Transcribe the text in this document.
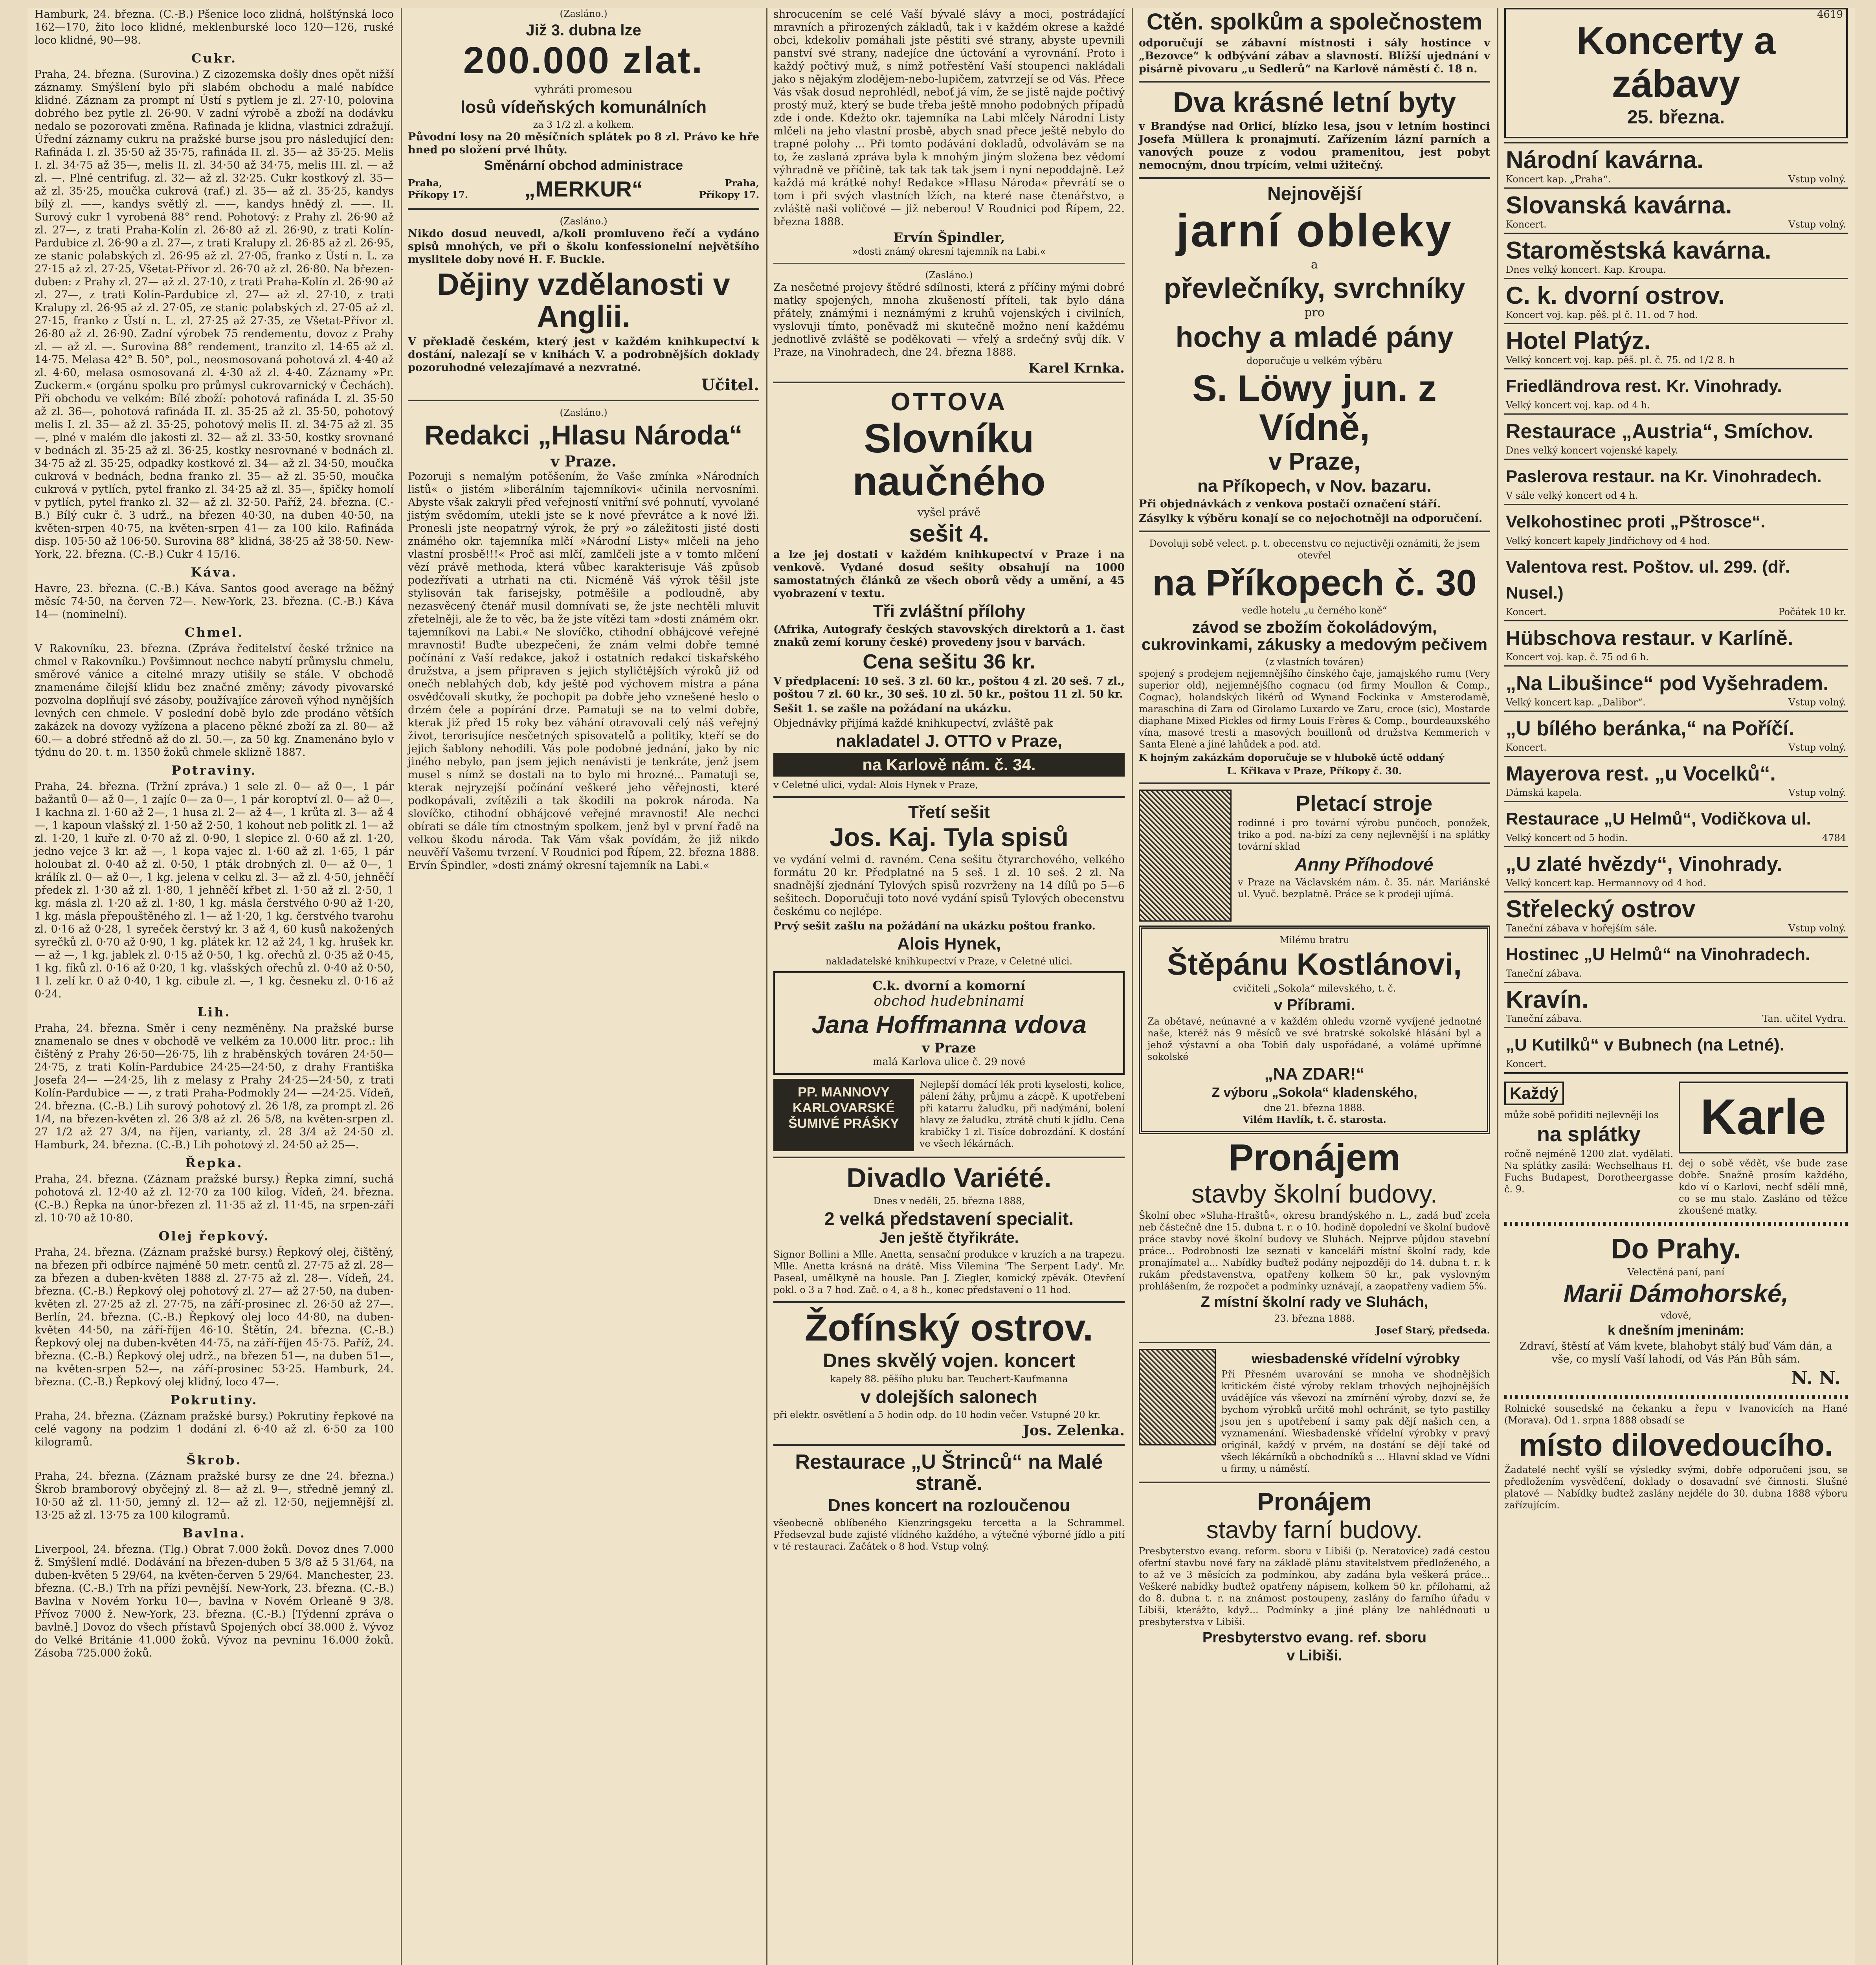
4619

Hamburk, 24. března. (C.-B.) Pšenice loco zlidná, holštýnská loco 162—170, žito loco klidné, meklenburské loco 120—126, ruské loco klidné, 90—98.

Cukr.

Praha, 24. března. (Surovina.) Z cizozemska došly dnes opět nižší záznamy. Smýšlení bylo při slabém obchodu a malé nabídce klidné. Záznam za prompt ní Ústí s pytlem je zl. 27·10, polovina dobrého bez pytle zl. 26·90. V zadní výrobě a zboží na dodávku nedalo se pozorovati změna. Rafinada je klidna, vlastnici zdražují. Úřední záznamy cukru na pražské burse jsou pro následující den: Rafináda I. zl. 35·50 až 35·75, rafináda II. zl. 35— až 35·25. Melis I. zl. 34·75 až 35—, melis II. zl. 34·50 až 34·75, melis III. zl. — až zl. —. Plné centrifug. zl. 32— až zl. 32·25. Cukr kostkový zl. 35— až zl. 35·25, moučka cukrová (raf.) zl. 35— až zl. 35·25, kandys bílý zl. ——, kandys světlý zl. ——, kandys hnědý zl. ——. II. Surový cukr 1 vyrobená 88° rend. Pohotový: z Prahy zl. 26·90 až zl. 27—, z trati Praha-Kolín zl. 26·80 až zl. 26·90, z trati Kolín-Pardubice zl. 26·90 a zl. 27—, z trati Kralupy zl. 26·85 až zl. 26·95, ze stanic polabských zl. 26·95 až zl. 27·05, franko z Ústí n. L. za 27·15 až zl. 27·25, Všetat-Přívor zl. 26·70 až zl. 26·80. Na březen-duben: z Prahy zl. 27— až zl. 27·10, z trati Praha-Kolín zl. 26·90 až zl. 27—, z trati Kolín-Pardubice zl. 27— až zl. 27·10, z trati Kralupy zl. 26·95 až zl. 27·05, ze stanic polabských zl. 27·05 až zl. 27·15, franko z Ústí n. L. zl. 27·25 až 27·35, ze Všetat-Přívor zl. 26·80 až zl. 26·90. Zadní výrobek 75 rendementu, dovoz z Prahy zl. — až zl. —. Surovina 88° rendement, tranzito zl. 14·65 až zl. 14·75. Melasa 42° B. 50°, pol., neosmosovaná pohotová zl. 4·40 až zl. 4·60, melasa osmosovaná zl. 4·30 až zl. 4·40. Záznamy »Pr. Zuckerm.« (orgánu spolku pro průmysl cukrovarnický v Čechách). Při obchodu ve velkém: Bílé zboží: pohotová rafináda I. zl. 35·50 až zl. 36—, pohotová rafináda II. zl. 35·25 až zl. 35·50, pohotový melis I. zl. 35— až zl. 35·25, pohotový melis II. zl. 34·75 až zl. 35—, plné v malém dle jakosti zl. 32— až zl. 33·50, kostky srovnané v bednách zl. 35·25 až zl. 36·25, kostky nesrovnané v bednách zl. 34·75 až zl. 35·25, odpadky kostkové zl. 34— až zl. 34·50, moučka cukrová v bednách, bedna franko zl. 35— až zl. 35·50, moučka cukrová v pytlích, pytel franko zl. 34·25 až zl. 35—, špičky homolí v pytlích, pytel franko zl. 32— až zl. 32·50. Paříž, 24. března. (C.-B.) Bílý cukr č. 3 udrž., na březen 40·30, na duben 40·50, na květen-srpen 40·75, na květen-srpen 41— za 100 kilo. Rafináda disp. 105·50 až 106·50. Surovina 88° klidná, 38·25 až 38·50. New-York, 22. března. (C.-B.) Cukr 4 15/16.

Káva.

Havre, 23. března. (C.-B.) Káva. Santos good average na běžný měsíc 74·50, na červen 72—. New-York, 23. března. (C.-B.) Káva 14— (nominelní).

Chmel.

V Rakovníku, 23. března. (Zpráva ředitelství české tržnice na chmel v Rakovníku.) Povšimnout nechce nabytí průmyslu chmelu, směrové vánice a citelné mrazy utišily se stále. V obchodě znamenáme čilejší klidu bez značné změny; závody pivovarské pozvolna doplňují své zásoby, používajíce zároveň výhod nynějších levných cen chmele. V poslední době bylo zde prodáno větších zakázek na dovozy vyžízena a placeno pěkné zboží za zl. 80— až 60.— a dobré středně až do zl. 50.—, za 50 kg. Znamenáno bylo v týdnu do 20. t. m. 1350 žoků chmele sklizně 1887.

Potraviny.

Praha, 24. března. (Tržní zpráva.) 1 sele zl. 0— až 0—, 1 pár bažantů 0— až 0—, 1 zajíc 0— za 0—, 1 pár koroptví zl. 0— až 0—, 1 kachna zl. 1·60 až 2—, 1 husa zl. 2— až 4—, 1 krůta zl. 3— až 4—, 1 kapoun vlašský zl. 1·50 až 2·50, 1 kohout neb politk zl. 1— až zl. 1·20, 1 kuře zl. 0·70 až zl. 0·90, 1 slepice zl. 0·60 až zl. 1·20, jedno vejce 3 kr. až —, 1 kopa vajec zl. 1·60 až zl. 1·65, 1 pár holoubat zl. 0·40 až zl. 0·50, 1 pták drobných zl. 0— až 0—, 1 králík zl. 0— až 0—, 1 kg. jelena v celku zl. 3— až zl. 4·50, jehněčí předek zl. 1·30 až zl. 1·80, 1 jehněčí křbet zl. 1·50 až zl. 2·50, 1 kg. másla zl. 1·20 až zl. 1·80, 1 kg. másla čerstvého 0·90 až 1·20, 1 kg. másla přepouštěného zl. 1— až 1·20, 1 kg. čerstvého tvarohu zl. 0·16 až 0·28, 1 syreček čerstvý kr. 3 až 4, 60 kusů nakožených syrečků zl. 0·70 až 0·90, 1 kg. plátek kr. 12 až 24, 1 kg. hrušek kr. — až —, 1 kg. jablek zl. 0·15 až 0·50, 1 kg. ořechů zl. 0·35 až 0·45, 1 kg. fíků zl. 0·16 až 0·20, 1 kg. vlašských ořechů zl. 0·40 až 0·50, 1 l. zelí kr. 0 až 0·40, 1 kg. cibule zl. —, 1 kg. česneku zl. 0·16 až 0·24.

Lih.

Praha, 24. března. Směr i ceny nezměněny. Na pražské burse znamenalo se dnes v obchodě ve velkém za 10.000 litr. proc.: lih čištěný z Prahy 26·50—26·75, lih z hraběnských továren 24·50—24·75, z trati Kolín-Pardubice 24·25—24·50, z drahy Františka Josefa 24— —24·25, lih z melasy z Prahy 24·25—24·50, z trati Kolín-Pardubice — —, z trati Praha-Podmokly 24— —24·25. Vídeň, 24. března. (C.-B.) Lih surový pohotový zl. 26 1/8, za prompt zl. 26 1/4, na březen-květen zl. 26 3/8 až zl. 26 5/8, na květen-srpen zl. 27 1/2 až 27 3/4, na říjen, varianty, zl. 28 3/4 až 24·50 zl. Hamburk, 24. března. (C.-B.) Lih pohotový zl. 24·50 až 25—.

Řepka.

Praha, 24. března. (Záznam pražské bursy.) Řepka zimní, suchá pohotová zl. 12·40 až zl. 12·70 za 100 kilog. Vídeň, 24. března. (C.-B.) Řepka na únor-březen zl. 11·35 až zl. 11·45, na srpen-září zl. 10·70 až 10·80.

Olej řepkový.

Praha, 24. března. (Záznam pražské bursy.) Řepkový olej, čištěný, na březen při odbírce najméně 50 metr. centů zl. 27·75 až zl. 28— za březen a duben-květen 1888 zl. 27·75 až zl. 28—. Vídeň, 24. března. (C.-B.) Řepkový olej pohotový zl. 27— až 27·50, na duben-květen zl. 27·25 až zl. 27·75, na září-prosinec zl. 26·50 až 27—. Berlín, 24. března. (C.-B.) Řepkový olej loco 44·80, na duben-květen 44·50, na září-říjen 46·10. Štětín, 24. března. (C.-B.) Řepkový olej na duben-květen 44·75, na září-říjen 45·75. Paříž, 24. března. (C.-B.) Řepkový olej udrž., na březen 51—, na duben 51—, na květen-srpen 52—, na září-prosinec 53·25. Hamburk, 24. března. (C.-B.) Řepkový olej klidný, loco 47—.

Pokrutiny.

Praha, 24. března. (Záznam pražské bursy.) Pokrutiny řepkové na celé vagony na podzim 1 dodání zl. 6·40 až zl. 6·50 za 100 kilogramů.

Škrob.

Praha, 24. března. (Záznam pražské bursy ze dne 24. března.) Škrob bramborový obyčejný zl. 8— až zl. 9—, středně jemný zl. 10·50 až zl. 11·50, jemný zl. 12— až zl. 12·50, nejjemnější zl. 13·25 až zl. 13·75 za 100 kilogramů.

Bavlna.

Liverpool, 24. března. (Tlg.) Obrat 7.000 žoků. Dovoz dnes 7.000 ž. Smýšlení mdlé. Dodávání na březen-duben 5 3/8 až 5 31/64, na duben-květen 5 29/64, na květen-červen 5 29/64. Manchester, 23. března. (C.-B.) Trh na přízi pevnější. New-York, 23. března. (C.-B.) Bavlna v Novém Yorku 10—, bavlna v Novém Orleaně 9 3/8. Přívoz 7000 ž. New-York, 23. března. (C.-B.) [Týdenní zpráva o bavlně.] Dovoz do všech přístavů Spojených obcí 38.000 ž. Vývoz do Velké Británie 41.000 žoků. Vývoz na pevninu 16.000 žoků. Zásoba 725.000 žoků.

(Zasláno.)
Již 3. dubna lze
200.000 zlat.
vyhráti promesou
losů vídeňských komunálních
za 3 1/2 zl. a kolkem.

Původní losy na 20 měsíčních splátek po 8 zl. Právo ke hře hned po složení prvé lhůty.

Směnární obchod administrace
Praha, Příkopy 17.	„MERKUR“	Praha, Příkopy 17.
(Zasláno.)

Nikdo dosud neuvedl, a/koli promluveno řečí a vydáno spisů mnohých, ve při o školu konfessionelní největšího myslitele doby nové H. F. Buckle.

Dějiny vzdělanosti v Anglii.

V překladě českém, který jest v každém knihkupectví k dostání, nalezají se v knihách V. a podrobnějších doklady pozoruhodné velezajímavé a nezvratné.

Učitel.
(Zasláno.)
Redakci „Hlasu Národa“
v Praze.

Pozoruji s nemalým potěšením, že Vaše zmínka »Národních listů« o jistém »liberálním tajemníkovi« učinila nervosními. Abyste však zakryli před veřejností vnitřní své pohnutí, vyvolané jistým svědomím, utekli jste se k nové převrátce a k nové lži. Pronesli jste neopatrný výrok, že prý »o záležitosti jisté dosti známého okr. tajemníka mlčí »Národní Listy« mlčeli na jeho vlastní prosbě!!!« Proč asi mlčí, zamlčeli jste a v tomto mlčení vězí právě methoda, která vůbec karakterisuje Váš způsob podezřívati a utrhati na cti. Nicméně Váš výrok těšil jste stylisován tak farisejsky, potměšile a podloudně, aby nezasvěcený čtenář musil domnívati se, že jste nechtěli mluvit zřetelněji, ale že to věc, ba že jste vítězi tam »dosti známém okr. tajemníkovi na Labi.« Ne slovíčko, ctihodní obhájcové veřejné mravnosti! Buďte ubezpečeni, že znám velmi dobře temné počínání z Vaší redakce, jakož i ostatních redakcí tiskařského družstva, a jsem připraven s jejich styličtějších výroků již od onečh neblahých dob, kdy ještě pod výchovem mistra a pána osvědčovali skutky, že pochopit pa dobře jeho vznešené heslo o drzém čele a popírání drze. Pamatuji se na to velmi dobře, kterak již před 15 roky bez váhání otravovali celý náš veřejný život, terorisujíce nesčetných spisovatelů a politiky, kteří se do jejich šablony nehodili. Vás pole podobné jednání, jako by nic jiného nebylo, pan jsem jejich nenávisti je tenkráte, jenž jsem musel s nímž se dostali na to bylo mi hrozné... Pamatuji se, kterak nejryzejší počínání veškeré jeho věřejnosti, které podkopávali, zvítězili a tak škodili na pokrok národa. Na slovíčko, ctihodní obhájcové veřejné mravnosti! Ale nechci obírati se dále tím ctnostným spolkem, jenž byl v první řadě na velkou škodu národa. Tak Vám však povídám, že již nikdo neuvěří Vašemu tvrzení. V Roudnici pod Řípem, 22. března 1888. Ervín Špindler, »dosti známý okresní tajemník na Labi.«

shrocucením se celé Vaší bývalé slávy a moci, postrádající mravních a přirozených základů, tak i v každém okrese a každé obci, kdekoliv pomáhali jste pěstiti své strany, abyste upevnili panství své strany, nadejíce dne úctování a vyrovnání. Proto i každý počtivý muž, s nímž potřestění Vaší stoupenci nakládali jako s nějakým zlodějem-nebo-lupičem, zatvrzejí se od Vás. Přece Vás však dosud neprohlédl, neboť já vím, že se jistě najde počtivý prostý muž, který se bude třeba ještě mnoho podobných případů zde i onde. Kdežto okr. tajemníka na Labi mlčely Národní Listy mlčeli na jeho vlastní prosbě, abych snad přece ještě nebylo do trapné polohy ... Při tomto podávání dokladů, odvolávám se na to, že zaslaná zpráva byla k mnohým jiným složena bez vědomí výhradně ve příčině, tak tak tak tak jsem i nyní nepoddajně. Lež každá má krátké nohy! Redakce »Hlasu Národa« převrátí se o tom i při svých vlastních lžích, na které nase čtenářstvo, a zvláště naši voličové — již neberou! V Roudnici pod Řípem, 22. března 1888.

Ervín Špindler,
»dosti známý okresní tajemník na Labi.«
(Zasláno.)

Za nesčetné projevy štědré sdílnosti, která z příčiny mými dobré matky spojených, mnoha zkušeností příteli, tak bylo dána přátely, známými i neznámými z kruhů vojenských i civilních, vyslovuji tímto, poněvadž mi skutečně možno není každému jednotlivě zvláště se poděkovati — vřelý a srdečný svůj dík. V Praze, na Vinohradech, dne 24. března 1888.

Karel Krnka.
OTTOVA
Slovníku naučného
vyšel právě
sešit 4.

a lze jej dostati v každém knihkupectví v Praze i na venkově. Vydané dosud sešity obsahují na 1000 samostatných článků ze všech oborů vědy a umění, a 45 vyobrazení v textu.

Tři zvláštní přílohy

(Afrika, Autografy českých stavovských direktorů a 1. čast znaků zemí koruny české) provedeny jsou v barvách.

Cena sešitu 36 kr.

V předplacení: 10 seš. 3 zl. 60 kr., poštou 4 zl. 20 seš. 7 zl., poštou 7 zl. 60 kr., 30 seš. 10 zl. 50 kr., poštou 11 zl. 50 kr.

Sešit 1. se zašle na požádaní na ukázku.

Objednávky přijímá každé knihkupectví, zvláště pak

nakladatel J. OTTO v Praze,
na Karlově nám. č. 34.

v Celetné ulici, vydal: Alois Hynek v Praze,

Třetí sešit
Jos. Kaj. Tyla spisů

ve vydání velmi d. ravném. Cena sešitu čtyrarchového, velkého formátu 20 kr. Předplatné na 5 seš. 1 zl. 10 seš. 2 zl. Na snadnější zjednání Tylových spisů rozvrženy na 14 dílů po 5—6 sešitech. Doporučuji toto nové vydání spisů Tylových obecenstvu českému co nejlépe.

Prvý sešit zašlu na požádání na ukázku poštou franko.

Alois Hynek,
nakladatelské knihkupectví v Praze, v Celetné ulici.
C.k. dvorní a komorní
obchod hudebninami
Jana Hoffmanna vdova
v Praze
malá Karlova ulice č. 29 nové
PP. MANNOVY KARLOVARSKÉ ŠUMIVÉ PRÁŠKY

Nejlepší domácí lék proti kyselosti, kolice, pálení žáhy, průjmu a zácpě. K upotřebení při katarru žaludku, při nadýmání, bolení hlavy ze žaludku, ztrátě chuti k jídlu. Cena krabičky 1 zl. Tisíce dobrozdání. K dostání ve všech lékárnách.

Divadlo Variété.
Dnes v neděli, 25. března 1888,
2 velká představení specialit.
Jen ještě čtyřikráte.

Signor Bollini a Mlle. Anetta, sensační produkce v kruzích a na trapezu. Mlle. Anetta krásná na drátě. Miss Vilemina 'The Serpent Lady'. Mr. Paseal, umělkyně na housle. Pan J. Ziegler, komický zpěvák. Otevření pokl. o 3 a 7 hod. Zač. o 4, a 8 h., konec představení o 11 hod.

Žofínský ostrov.
Dnes skvělý vojen. koncert
kapely 88. pěšího pluku bar. Teuchert-Kaufmanna
v dolejších salonech

při elektr. osvětlení a 5 hodin odp. do 10 hodin večer. Vstupné 20 kr.

Jos. Zelenka.
Restaurace „U Štrinců“ na Malé straně.
Dnes koncert na rozloučenou

všeobecně oblíbeného Kienzringsgeku tercetta a la Schrammel. Předsevzal bude zajisté vlídného každého, a výtečné výborné jídlo a pití v té restauraci. Začátek o 8 hod. Vstup volný.

Ctěn. spolkům a společnostem

odporučují se zábavní místnosti i sály hostince v „Bezovce“ k odbývání zábav a slavností. Blížší ujednání v pisárně pivovaru „u Sedlerů“ na Karlově náměstí č. 18 n.

Dva krásné letní byty

v Brandýse nad Orlicí, blízko lesa, jsou v letním hostinci Josefa Müllera k pronajmutí. Zařízením lázní parních a vanových pouze z vodou pramenitou, jest pobyt nemocným, dnou trpícím, velmi užitečný.

Nejnovější
jarní obleky
a
převlečníky, svrchníky
pro
hochy a mladé pány
doporučuje u velkém výběru
S. Löwy jun. z Vídně,
v Praze,
na Příkopech, v Nov. bazaru.

Při objednávkách z venkova postačí označení stáří.

Zásylky k výběru konají se co nejochotněji na odporučení.

Dovoluji sobě velect. p. t. obecenstvu co nejuctivěji oznámiti, že jsem otevřel

na Příkopech č. 30
vedle hotelu „u černého koně“
závod se zbožím čokoládovým, cukrovinkami, zákusky a medovým pečivem
(z vlastních továren)

spojený s prodejem nejjemnějšího čínského čaje, jamajského rumu (Very superior old), nejjemnějšího cognacu (od firmy Moullon & Comp., Cognac), holandských likérů od Wynand Fockinka v Amsterodamě, maraschina di Zara od Girolamo Luxardo ve Zaru, croce (sic), Mostarde diaphane Mixed Pickles od firmy Louis Frères & Comp., bourdeauxského vína, masové tresti a masových bouillonů od družstva Kemmerich v Santa Elenė a jiné lahůdek a pod. atd.

K hojným zakázkám doporučuje se v hlubokě úctě oddaný

L. Křikava v Praze, Příkopy č. 30.
Pletací stroje

rodinné i pro tovární výrobu punčoch, ponožek, triko a pod. na-bízí za ceny nejlevnější i na splátky tovární sklad

Anny Příhodové

v Praze na Václavském nám. č. 35. nár. Mariánské ul. Vyuč. bezplatně. Práce se k prodeji ujímá.

Milému bratru
Štěpánu Kostlánovi,
cvičiteli „Sokola“ milevského, t. č.
v Příbrami.

Za obětavé, neúnavné a v každém ohledu vzorně vyvíjené jednotné naše, kteréž nás 9 měsíců ve své bratrské sokolské hlásání byl a jehož výstavní a oba Tobiň daly uspořádané, a volámé upřímné sokolské

„NA ZDAR!“
Z výboru „Sokola“ kladenského,
dne 21. března 1888.
Vilém Havlík, t. č. starosta.
Pronájem
stavby školní budovy.

Školní obec »Sluha-Hraštů«, okresu brandýského n. L., zadá buď zcela neb částečně dne 15. dubna t. r. o 10. hodině dopolední ve školní budově práce stavby nové školní budovy ve Sluhách. Nejprve půjdou stavební práce... Podrobnosti lze seznati v kanceláři místní školní rady, kde pronajímatel a... Nabídky buďtež podány nejpozději do 14. dubna t. r. k rukám představenstva, opatřeny kolkem 50 kr., pak vyslovným prohlášením, že rozpočet a podmínky uznávají, a zaopatřeny vadiem 5%.

Z místní školní rady ve Sluhách,
23. března 1888.
Josef Starý, předseda.
wiesbadenské vřídelní výrobky

Při Přesném uvarování se mnoha ve shodnějších kritickém čisté výroby reklam trhových nejhojnějších uvádějíce vás vševozí na zmírnění výroby, dozví se, že bychom výrobků určitě mohl ochránit, se tyto pastilky jsou jen s upotřebení i samy pak dějí našich cen, a vyznamenání. Wiesbadenské vřídelní výrobky v pravý originál, každý v prvém, na dostání se dějí také od všech lékárníků a obchodníků s ... Hlavní sklad ve Vídni u firmy, u náměstí.

Pronájem
stavby farní budovy.

Presbyterstvo evang. reform. sboru v Libiši (p. Neratovice) zadá cestou ofertní stavbu nové fary na základě plánu stavitelstvem předloženého, a to až ve 3 měsících za podmínkou, aby zadána byla veškerá práce... Veškeré nabídky buďtež opatřeny nápisem, kolkem 50 kr. přílohami, až do 8. dubna t. r. na známost postoupeny, zaslány do farního úřadu v Libiši, kterážto, když... Podmínky a jiné plány lze nahlédnouti u presbyterstva v Libiši.

Presbyterstvo evang. ref. sboru
v Libiši.
Koncerty a zábavy
25. března.
Národní kavárna.
Koncert kap. „Praha“.	Vstup volný.
Slovanská kavárna.
Koncert.	Vstup volný.
Staroměstská kavárna.
Dnes velký koncert. Kap. Kroupa.
C. k. dvorní ostrov.
Koncert voj. kap. pěš. pl č. 11. od 7 hod.
Hotel Platýz.
Velký koncert voj. kap. pěš. pl. č. 75. od 1/2 8. h
Friedländrova rest. Kr. Vinohrady.
Velký koncert voj. kap. od 4 h.
Restaurace „Austria“, Smíchov.
Dnes velký koncert vojenské kapely.
Paslerova restaur. na Kr. Vinohradech.
V sále velký koncert od 4 h.
Velkohostinec proti „Pštrosce“.
Velký koncert kapely Jindřichovy od 4 hod.
Valentova rest. Poštov. ul. 299. (dř. Nusel.)
Koncert.	Počátek 10 kr.
Hübschova restaur. v Karlíně.
Koncert voj. kap. č. 75 od 6 h.
„Na Libušince“ pod Vyšehradem.
Velký koncert kap. „Dalibor“.	Vstup volný.
„U bílého beránka,“ na Poříčí.
Koncert.	Vstup volný.
Mayerova rest. „u Vocelků“.
Dámská kapela.	Vstup volný.
Restaurace „U Helmů“, Vodičkova ul.
Velký koncert od 5 hodin.	4784
„U zlaté hvězdy“, Vinohrady.
Velký koncert kap. Hermannovy od 4 hod.
Střelecký ostrov
Taneční zábava v hořejším sále.	Vstup volný.
Hostinec „U Helmů“ na Vinohradech.
Taneční zábava.
Kravín.
Taneční zábava.	Tan. učitel Vydra.
„U Kutilků“ v Bubnech (na Letné).
Koncert.
Každý

může sobě pořiditi nejlevněji los

na splátky

ročně nejméně 1200 zlat. vydělati. Na splátky zasílá: Wechselhaus H. Fuchs Budapest, Dorotheergasse č. 9.

Karle

dej o sobě vědět, vše bude zase dobře. Snažně prosím každého, kdo ví o Karlovi, nechť sdělí mně, co se mu stalo. Zasláno od těžce zkoušené matky.

Do Prahy.
Velectěná paní, paní
Marii Dámohorské,
vdově,
k dnešním jmeninám:

Zdraví, štěstí ať Vám kvete, blahobyt stálý buď Vám dán, a vše, co myslí Vaší lahodí, od Vás Pán Bůh sám.

N. N.

Rolnické sousedské na čekanku a řepu v Ivanovicích na Hané (Morava). Od 1. srpna 1888 obsadí se

místo dilovedoucího.

Žadatelé nechť vyšlí se výsledky svými, dobře odporučeni jsou, se předložením vysvědčení, doklady o dosavadní své činnosti. Slušné platové — Nabídky budtež zaslány nejdéle do 30. dubna 1888 výboru zařízujícím.
